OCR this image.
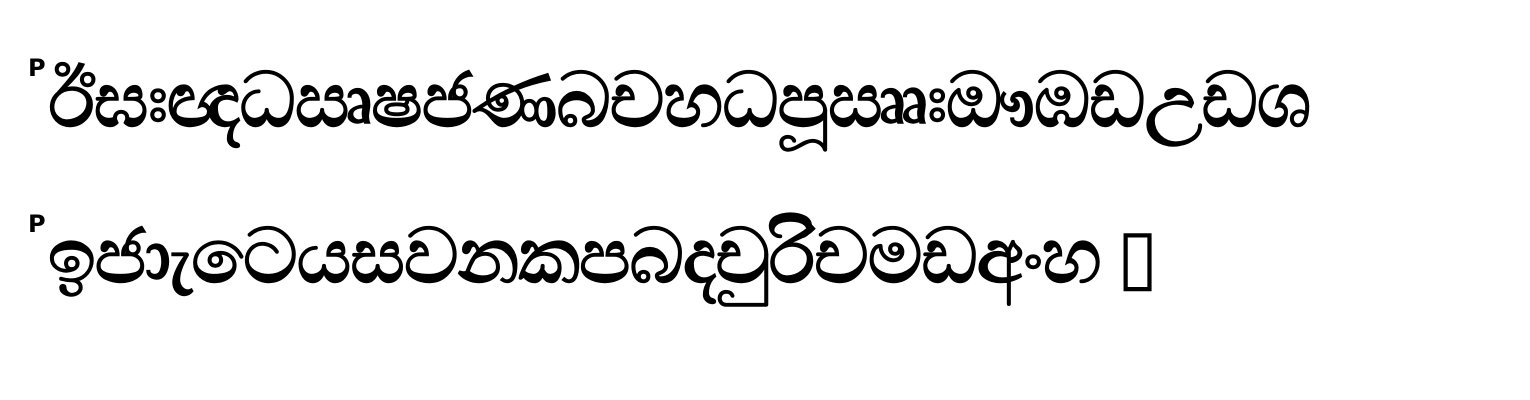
P ඊඝඃඥධඍෂජණබචහධපූඎඃඖඹඩඋඩශ
P ඉජාැටෙයසවනකපබදචුරිචමඩඅංහ ▯
